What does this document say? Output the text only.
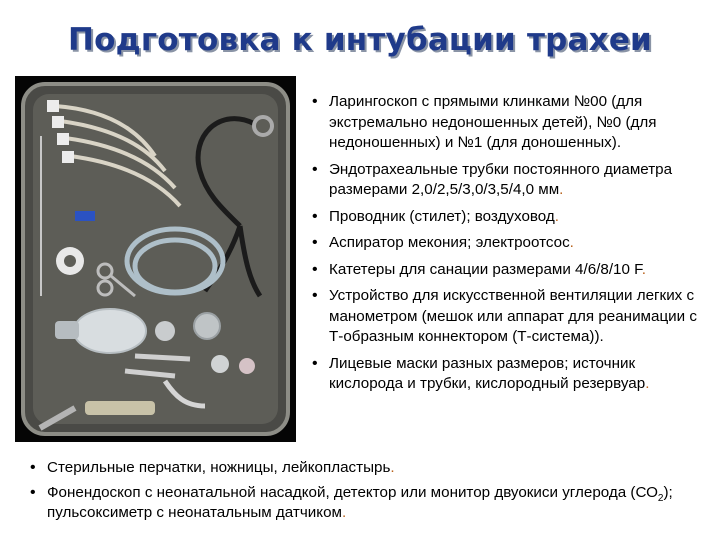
Подготовка к интубации трахеи
• Ларингоскоп с прямыми клинками №00 (для экстремально недоношенных детей), №0 (для недоношенных) и №1 (для доношенных).
• Эндотрахеальные трубки постоянного диаметра размерами 2,0/2,5/3,0/3,5/4,0 мм.
• Проводник (стилет); воздуховод.
• Аспиратор мекония; электроотсос.
• Катетеры для санации размерами 4/6/8/10 F.
• Устройство для искусственной вентиляции легких с манометром (мешок или аппарат для реанимации с Т-образным коннектором (Т-система)).
• Лицевые маски разных размеров; источник кислорода и трубки, кислородный резервуар.
• Стерильные перчатки, ножницы, лейкопластырь.
• Фонендоскоп с неонатальной насадкой, детектор или монитор двуокиси углерода $(СО_2)$; пульсоксиметр с неонатальным датчиком.
